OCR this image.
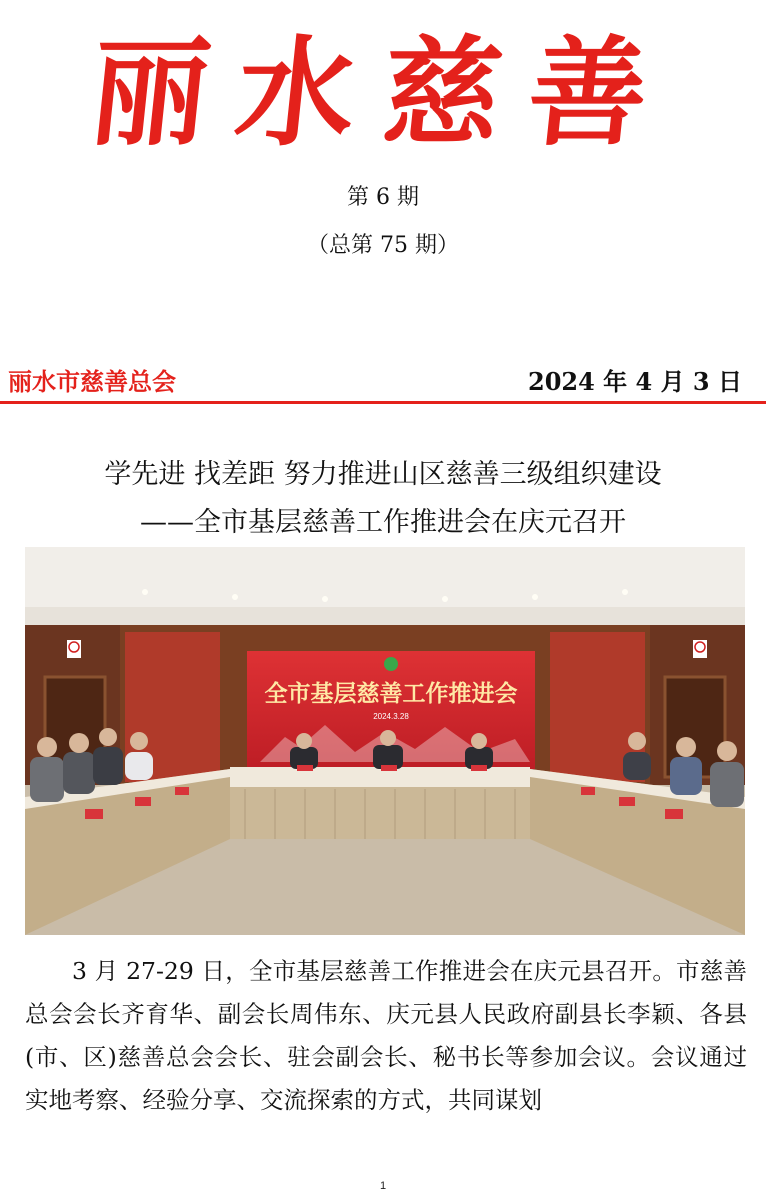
丽水慈善
第 6 期
（总第 75 期）
丽水市慈善总会	2024 年 4 月 3 日
学先进 找差距 努力推进山区慈善三级组织建设
——全市基层慈善工作推进会在庆元召开
全市基层慈善工作推进会
2024.3.28
3 月 27-29 日，全市基层慈善工作推进会在庆元县召开。市慈善总会会长齐育华、副会长周伟东、庆元县人民政府副县长李颖、各县(市、区)慈善总会会长、驻会副会长、秘书长等参加会议。会议通过实地考察、经验分享、交流探索的方式，共同谋划
1
